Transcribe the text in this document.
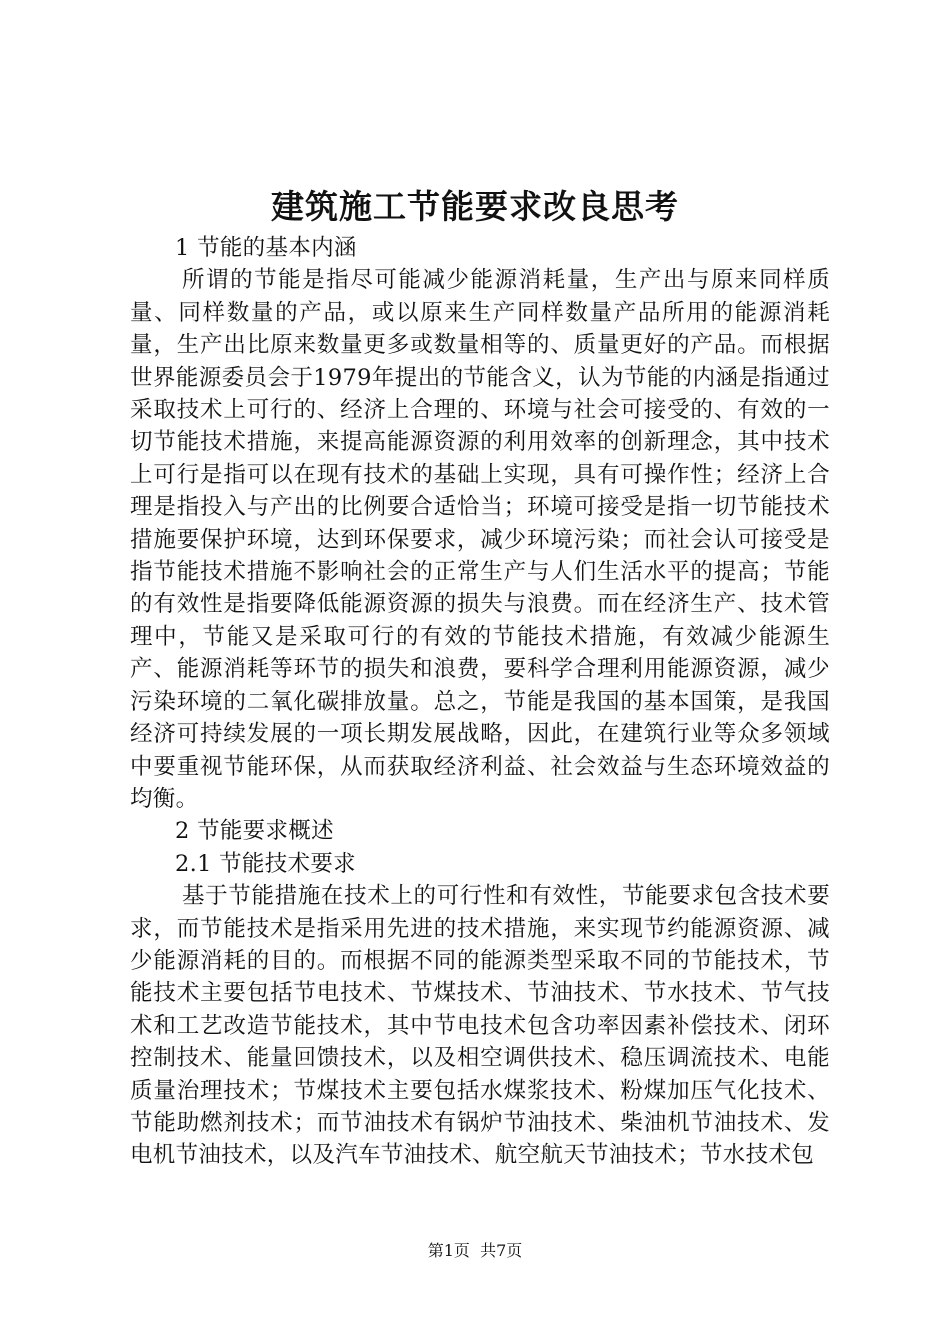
建筑施工节能要求改良思考

1 节能的基本内涵

所谓的节能是指尽可能减少能源消耗量，生产出与原来同样质量、同样数量的产品，或以原来生产同样数量产品所用的能源消耗量，生产出比原来数量更多或数量相等的、质量更好的产品。而根据世界能源委员会于1979年提出的节能含义，认为节能的内涵是指通过采取技术上可行的、经济上合理的、环境与社会可接受的、有效的一切节能技术措施，来提高能源资源的利用效率的创新理念，其中技术上可行是指可以在现有技术的基础上实现，具有可操作性；经济上合理是指投入与产出的比例要合适恰当；环境可接受是指一切节能技术措施要保护环境，达到环保要求，减少环境污染；而社会认可接受是指节能技术措施不影响社会的正常生产与人们生活水平的提高；节能的有效性是指要降低能源资源的损失与浪费。而在经济生产、技术管理中，节能又是采取可行的有效的节能技术措施，有效减少能源生产、能源消耗等环节的损失和浪费，要科学合理利用能源资源，减少污染环境的二氧化碳排放量。总之，节能是我国的基本国策，是我国经济可持续发展的一项长期发展战略，因此，在建筑行业等众多领域中要重视节能环保，从而获取经济利益、社会效益与生态环境效益的均衡。

2 节能要求概述

2.1 节能技术要求

基于节能措施在技术上的可行性和有效性，节能要求包含技术要求，而节能技术是指采用先进的技术措施，来实现节约能源资源、减少能源消耗的目的。而根据不同的能源类型采取不同的节能技术，节能技术主要包括节电技术、节煤技术、节油技术、节水技术、节气技术和工艺改造节能技术，其中节电技术包含功率因素补偿技术、闭环控制技术、能量回馈技术，以及相空调供技术、稳压调流技术、电能质量治理技术；节煤技术主要包括水煤浆技术、粉煤加压气化技术、节能助燃剂技术；而节油技术有锅炉节油技术、柴油机节油技术、发电机节油技术，以及汽车节油技术、航空航天节油技术；节水技术包

第1页 共7页
